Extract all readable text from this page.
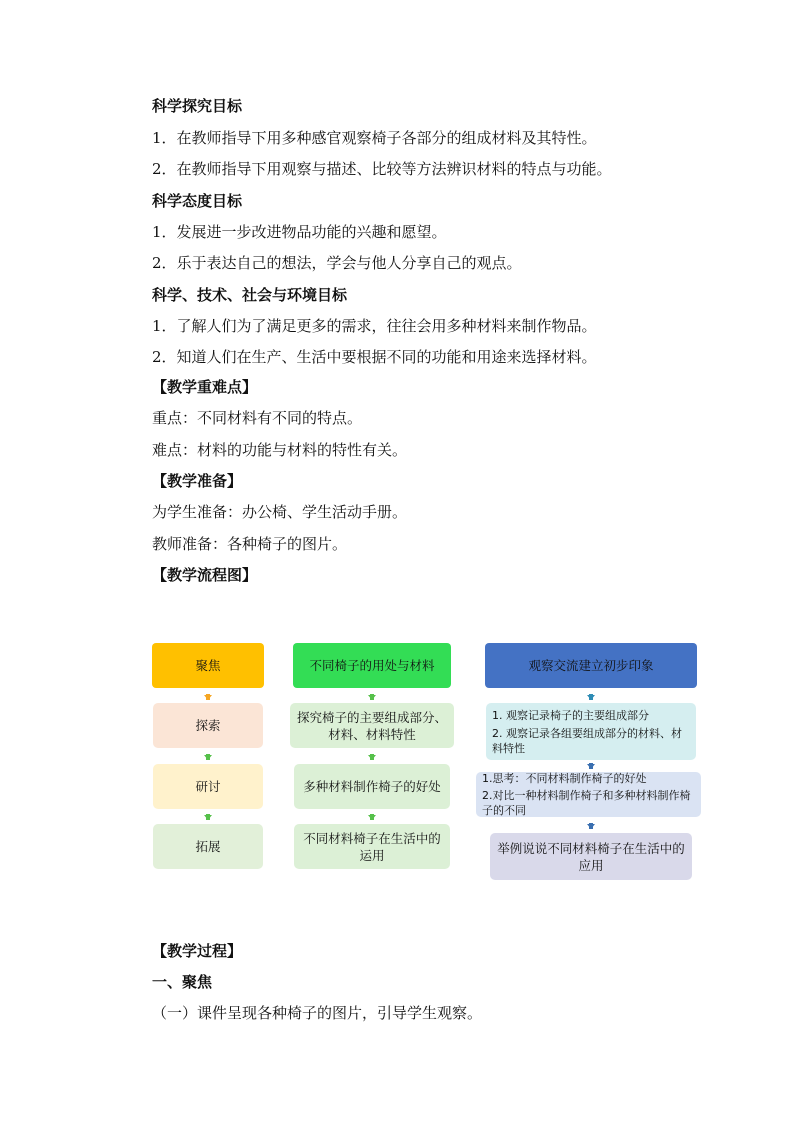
科学探究目标
1．在教师指导下用多种感官观察椅子各部分的组成材料及其特性。
2．在教师指导下用观察与描述、比较等方法辨识材料的特点与功能。
科学态度目标
1．发展进一步改进物品功能的兴趣和愿望。
2．乐于表达自己的想法，学会与他人分享自己的观点。
科学、技术、社会与环境目标
1．了解人们为了满足更多的需求，往往会用多种材料来制作物品。
2．知道人们在生产、生活中要根据不同的功能和用途来选择材料。
【教学重难点】
重点：不同材料有不同的特点。
难点：材料的功能与材料的特性有关。
【教学准备】
为学生准备：办公椅、学生活动手册。
教师准备：各种椅子的图片。
【教学流程图】
聚焦
探索
研讨
拓展
不同椅子的用处与材料
探究椅子的主要组成部分、材料、材料特性
多种材料制作椅子的好处
不同材料椅子在生活中的运用
观察交流建立初步印象
1. 观察记录椅子的主要组成部分
2. 观察记录各组要组成部分的材料、材料特性
1.思考：不同材料制作椅子的好处
2.对比一种材料制作椅子和多种材料制作椅子的不同
举例说说不同材料椅子在生活中的应用
【教学过程】
一、聚焦
（一）课件呈现各种椅子的图片，引导学生观察。
